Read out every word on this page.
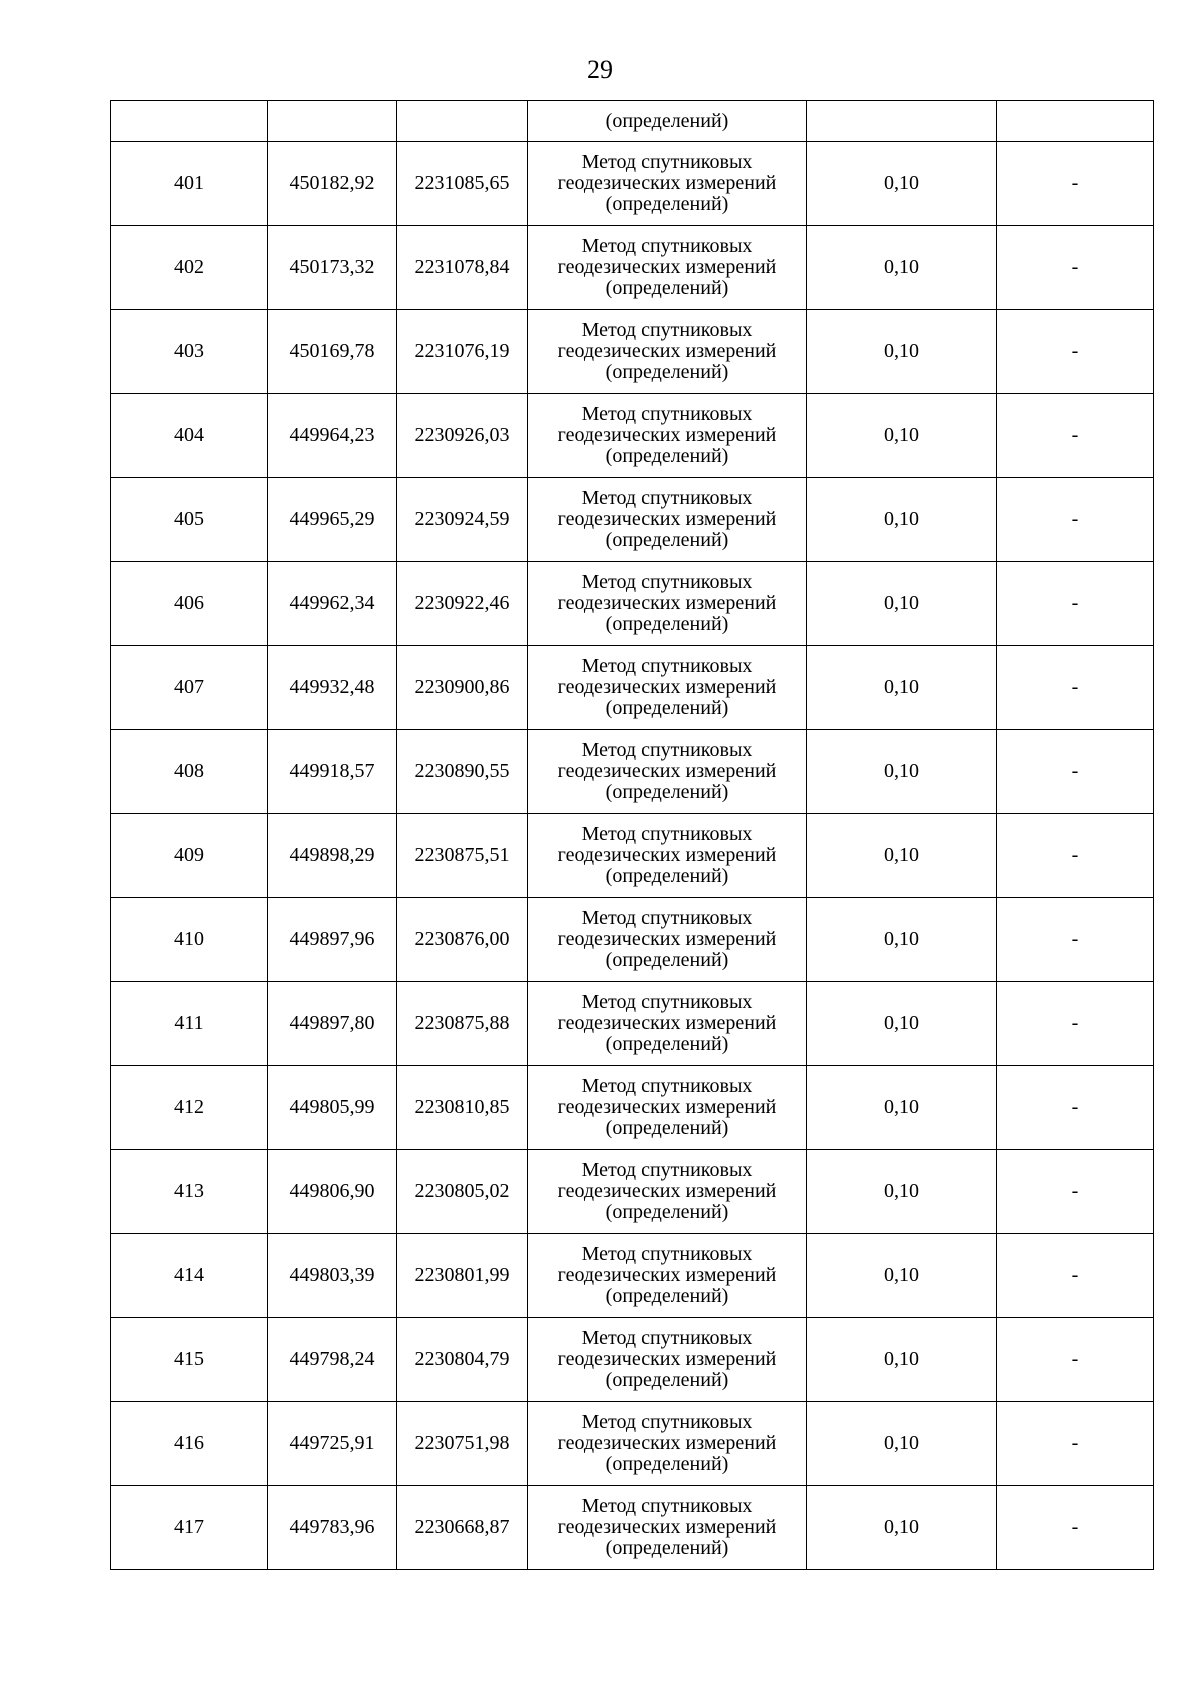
29
			(определений)		
401	450182,92	2231085,65	Метод спутниковых
геодезических измерений
(определений)	0,10	-
402	450173,32	2231078,84	Метод спутниковых
геодезических измерений
(определений)	0,10	-
403	450169,78	2231076,19	Метод спутниковых
геодезических измерений
(определений)	0,10	-
404	449964,23	2230926,03	Метод спутниковых
геодезических измерений
(определений)	0,10	-
405	449965,29	2230924,59	Метод спутниковых
геодезических измерений
(определений)	0,10	-
406	449962,34	2230922,46	Метод спутниковых
геодезических измерений
(определений)	0,10	-
407	449932,48	2230900,86	Метод спутниковых
геодезических измерений
(определений)	0,10	-
408	449918,57	2230890,55	Метод спутниковых
геодезических измерений
(определений)	0,10	-
409	449898,29	2230875,51	Метод спутниковых
геодезических измерений
(определений)	0,10	-
410	449897,96	2230876,00	Метод спутниковых
геодезических измерений
(определений)	0,10	-
411	449897,80	2230875,88	Метод спутниковых
геодезических измерений
(определений)	0,10	-
412	449805,99	2230810,85	Метод спутниковых
геодезических измерений
(определений)	0,10	-
413	449806,90	2230805,02	Метод спутниковых
геодезических измерений
(определений)	0,10	-
414	449803,39	2230801,99	Метод спутниковых
геодезических измерений
(определений)	0,10	-
415	449798,24	2230804,79	Метод спутниковых
геодезических измерений
(определений)	0,10	-
416	449725,91	2230751,98	Метод спутниковых
геодезических измерений
(определений)	0,10	-
417	449783,96	2230668,87	Метод спутниковых
геодезических измерений
(определений)	0,10	-
